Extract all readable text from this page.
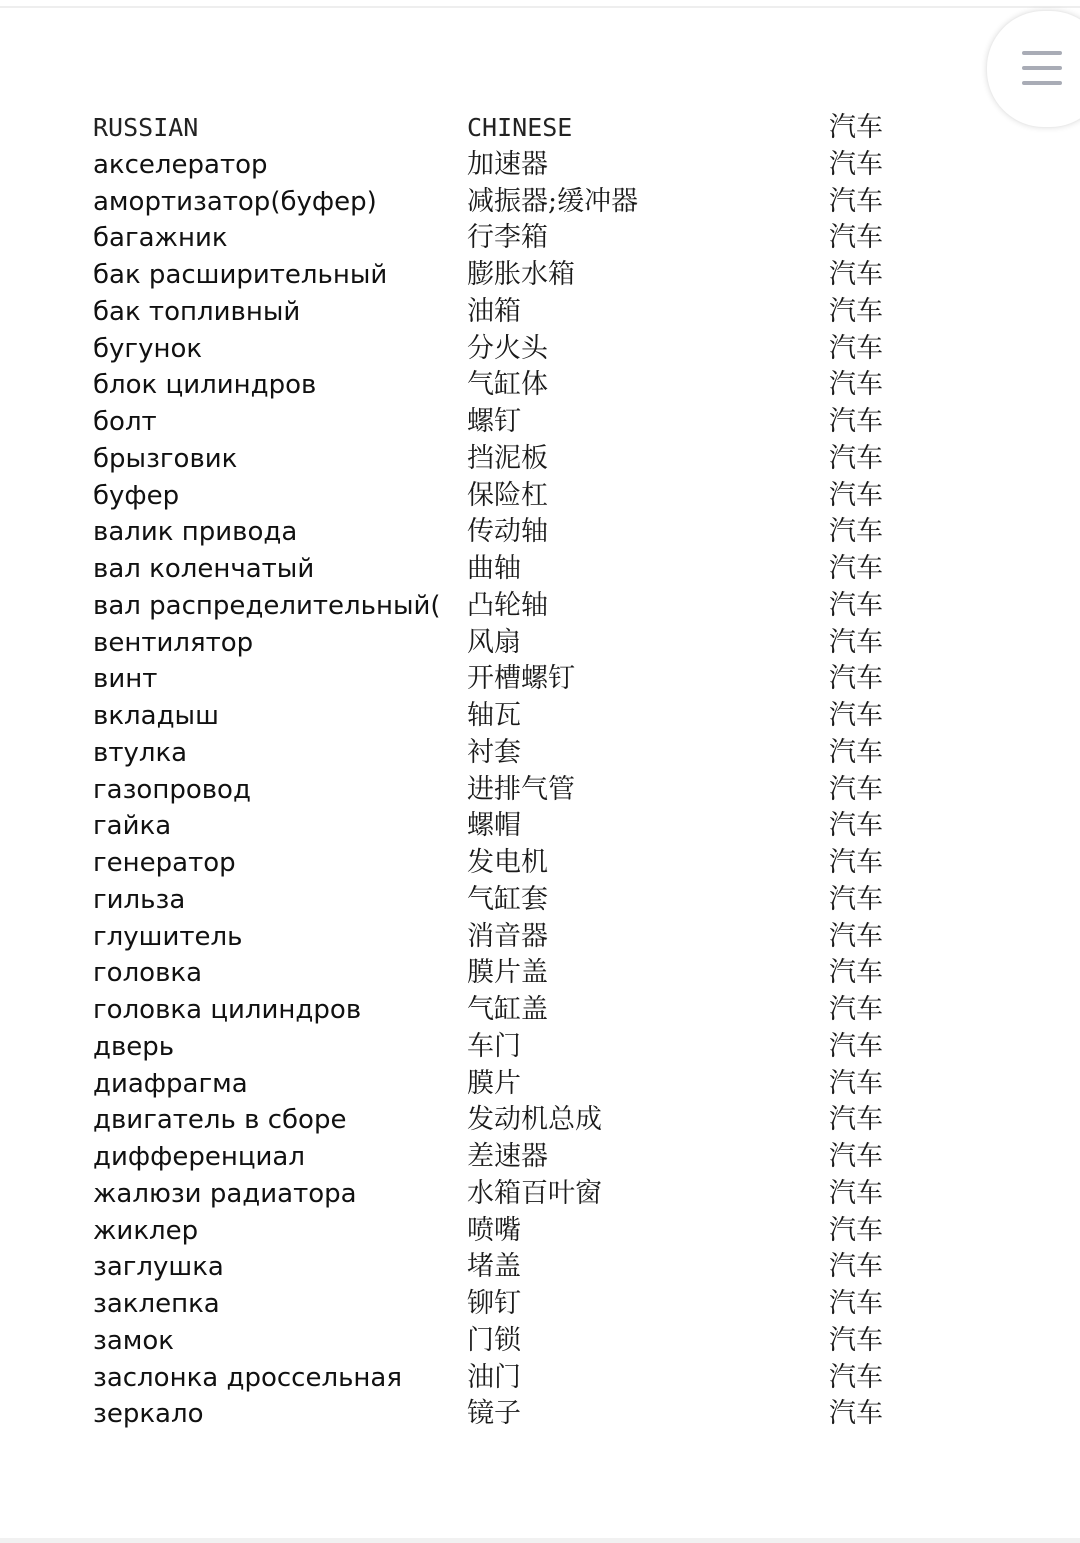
RUSSIAN	CHINESE	汽车
акселератор	加速器	汽车
амортизатор(буфер)	减振器;缓冲器	汽车
багажник	行李箱	汽车
бак расширительный	膨胀水箱	汽车
бак топливный	油箱	汽车
бугунок	分火头	汽车
блок цилиндров	气缸体	汽车
болт	螺钉	汽车
брызговик	挡泥板	汽车
буфер	保险杠	汽车
валик привода	传动轴	汽车
вал коленчатый	曲轴	汽车
вал распределительный( 凸轮轴	汽车
вентилятор	风扇	汽车
винт	开槽螺钉	汽车
вкладыш	轴瓦	汽车
втулка	衬套	汽车
газопровод	进排气管	汽车
гайка	螺帽	汽车
генератор	发电机	汽车
гильза	气缸套	汽车
глушитель	消音器	汽车
головка	膜片盖	汽车
головка цилиндров	气缸盖	汽车
дверь	车门	汽车
диафрагма	膜片	汽车
двигатель в сборе	发动机总成	汽车
дифференциал	差速器	汽车
жалюзи радиатора	水箱百叶窗	汽车
жиклер	喷嘴	汽车
заглушка	堵盖	汽车
заклепка	铆钉	汽车
замок	门锁	汽车
заслонка дроссельная 油门	汽车
зеркало	镜子	汽车
